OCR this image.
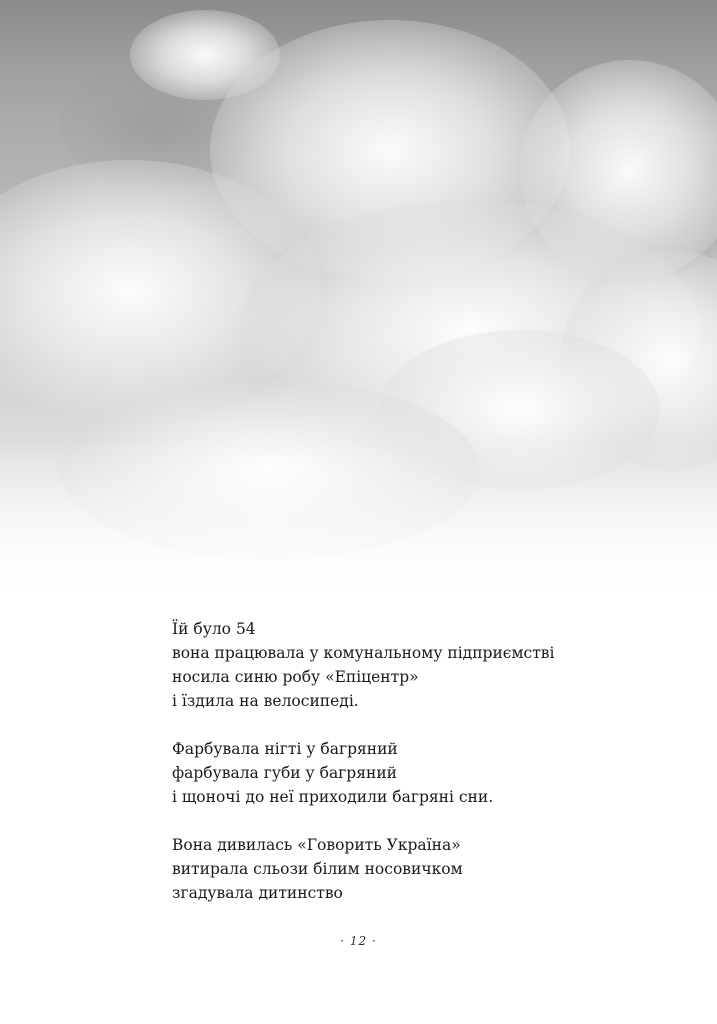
Їй було 54
вона працювала у комунальному підприємстві
носила синю робу «Епіцентр»
і їздила на велосипеді.
Фарбувала нігті у багряний
фарбувала губи у багряний
і щоночі до неї приходили багряні сни.
Вона дивилась «Говорить Україна»
витирала сльози білим носовичком
згадувала дитинство
· 12 ·
